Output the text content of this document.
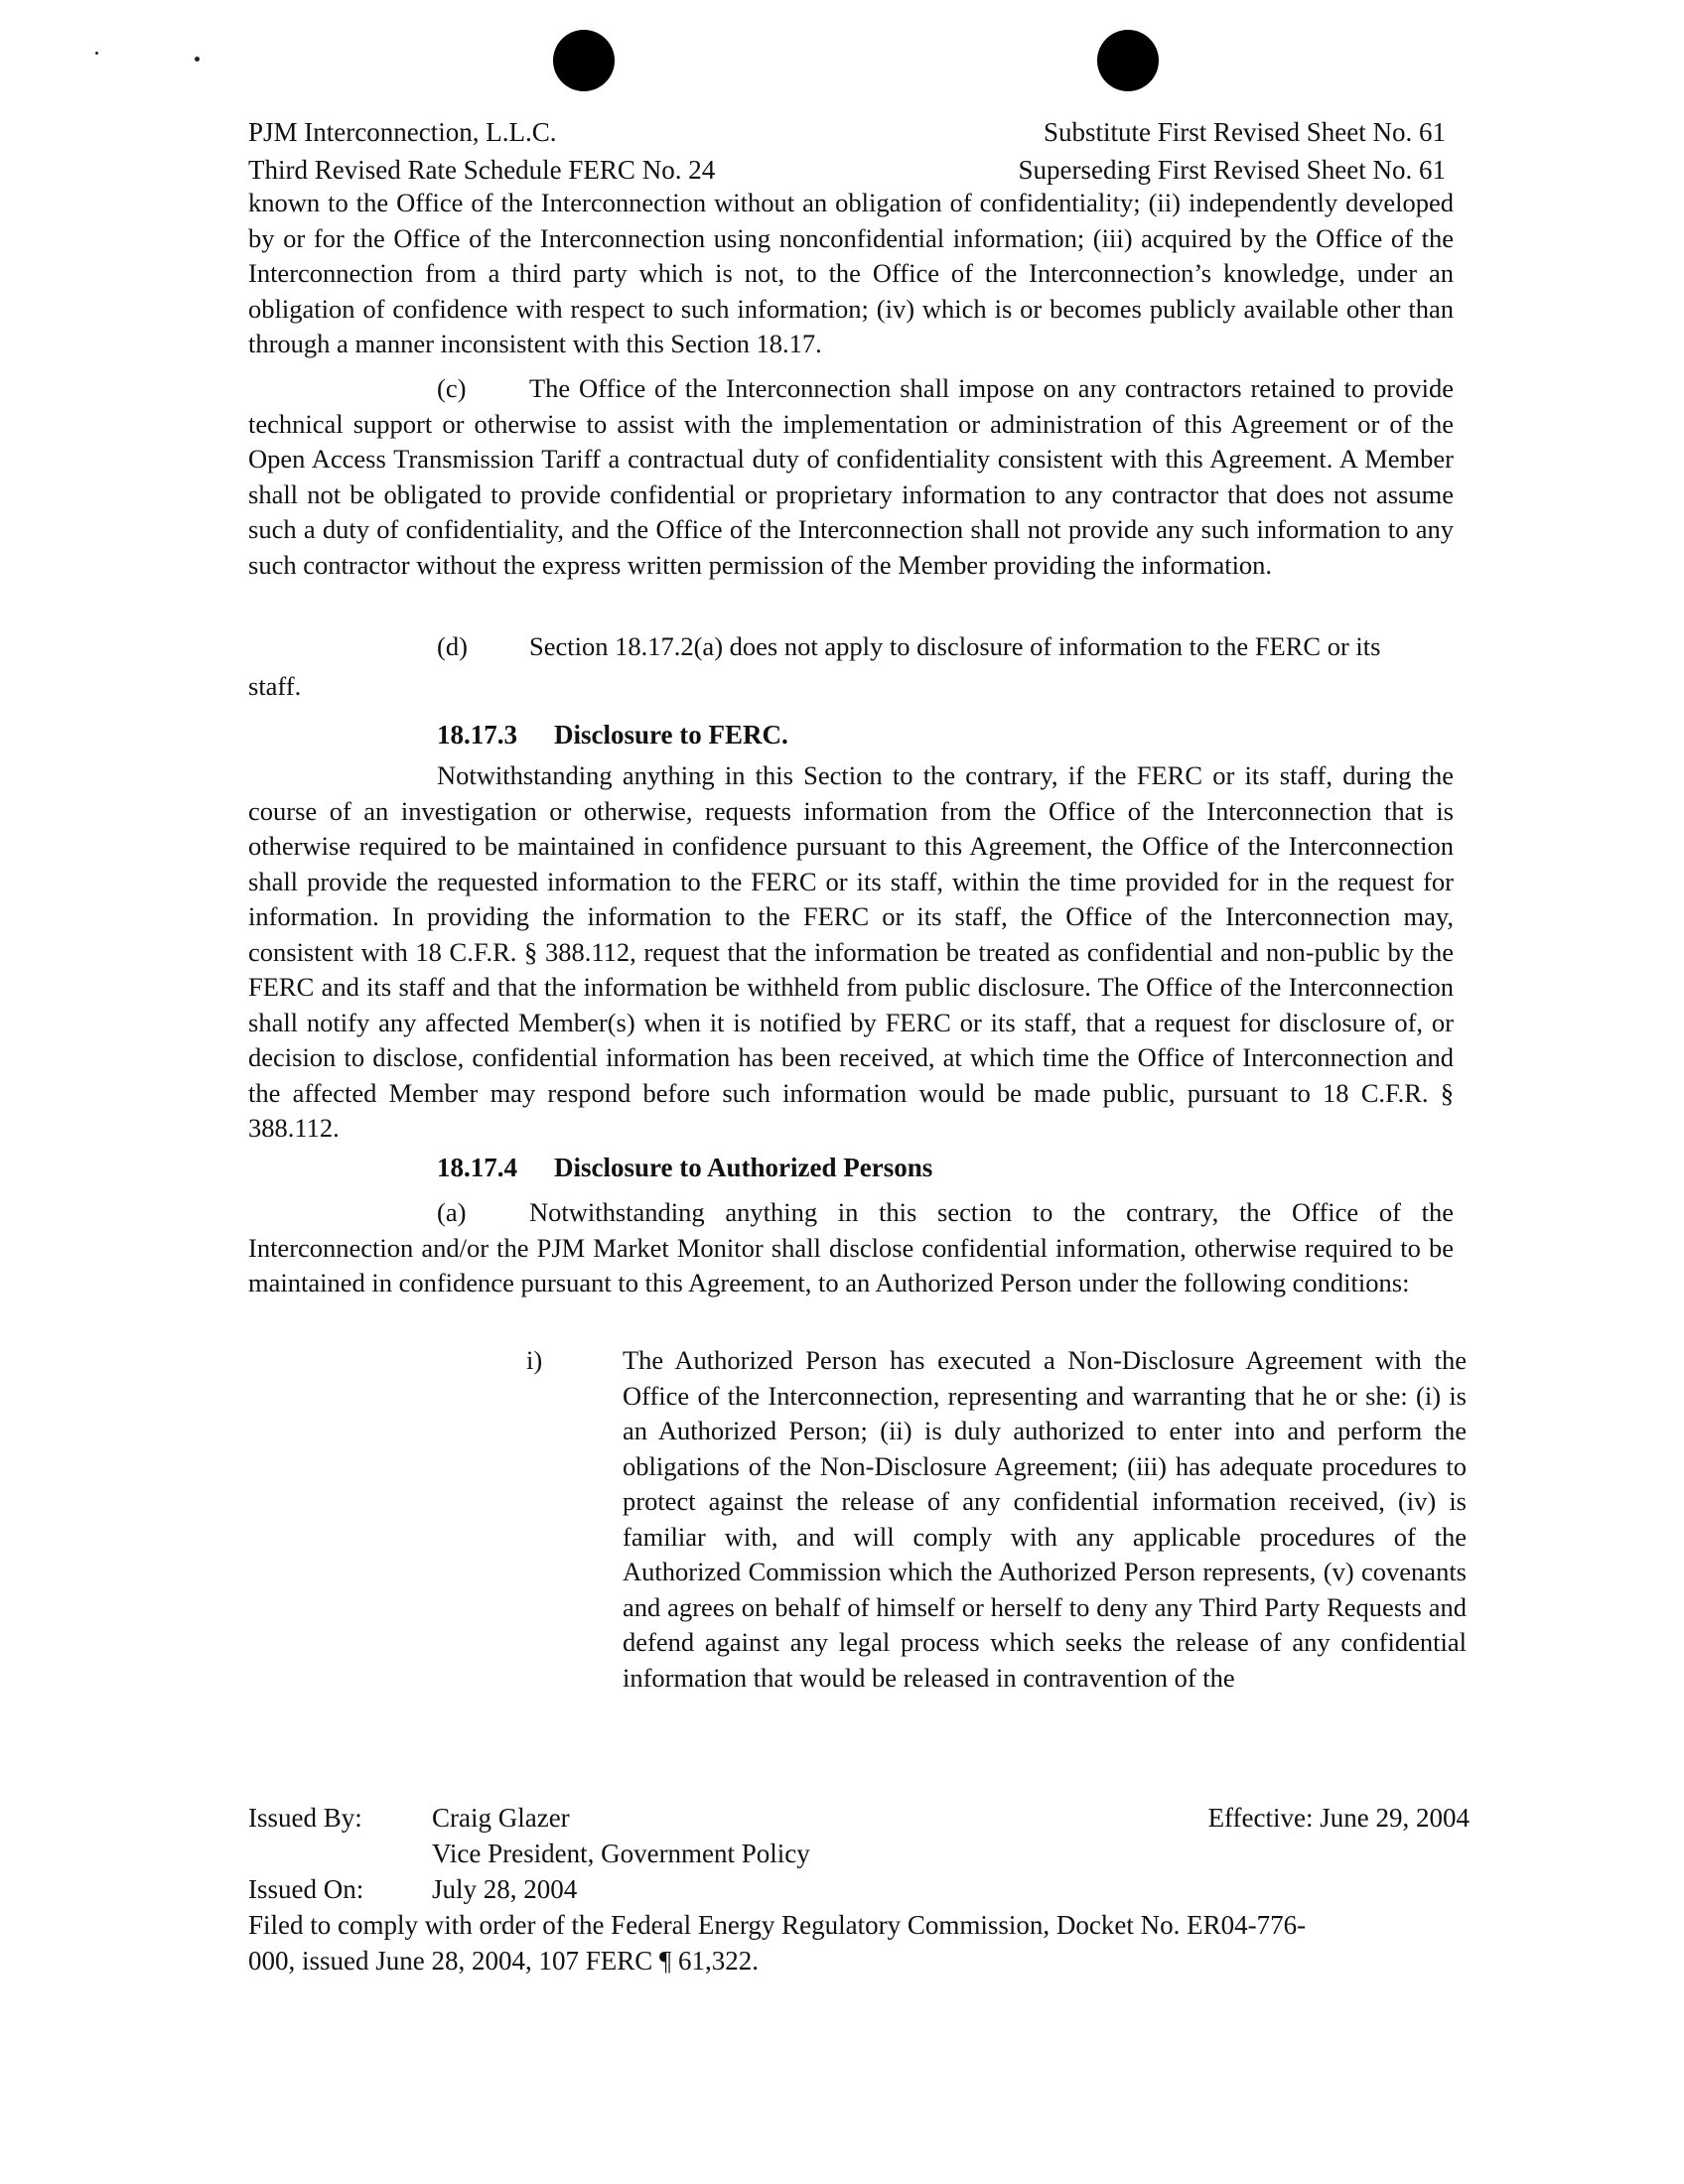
PJM Interconnection, L.L.C.	Substitute First Revised Sheet No. 61
Third Revised Rate Schedule FERC No. 24	Superseding First Revised Sheet No. 61

known to the Office of the Interconnection without an obligation of confidentiality; (ii) independently developed by or for the Office of the Interconnection using nonconfidential information; (iii) acquired by the Office of the Interconnection from a third party which is not, to the Office of the Interconnection’s knowledge, under an obligation of confidence with respect to such information; (iv) which is or becomes publicly available other than through a manner inconsistent with this Section 18.17.

(c) The Office of the Interconnection shall impose on any contractors retained to provide technical support or otherwise to assist with the implementation or administration of this Agreement or of the Open Access Transmission Tariff a contractual duty of confidentiality consistent with this Agreement. A Member shall not be obligated to provide confidential or proprietary information to any contractor that does not assume such a duty of confidentiality, and the Office of the Interconnection shall not provide any such information to any such contractor without the express written permission of the Member providing the information.

(d) Section 18.17.2(a) does not apply to disclosure of information to the FERC or its

staff.
18.17.3 Disclosure to FERC.

Notwithstanding anything in this Section to the contrary, if the FERC or its staff, during the course of an investigation or otherwise, requests information from the Office of the Interconnection that is otherwise required to be maintained in confidence pursuant to this Agreement, the Office of the Interconnection shall provide the requested information to the FERC or its staff, within the time provided for in the request for information. In providing the information to the FERC or its staff, the Office of the Interconnection may, consistent with 18 C.F.R. § 388.112, request that the information be treated as confidential and non-public by the FERC and its staff and that the information be withheld from public disclosure. The Office of the Interconnection shall notify any affected Member(s) when it is notified by FERC or its staff, that a request for disclosure of, or decision to disclose, confidential information has been received, at which time the Office of Interconnection and the affected Member may respond before such information would be made public, pursuant to 18 C.F.R. § 388.112.

18.17.4 Disclosure to Authorized Persons

(a) Notwithstanding anything in this section to the contrary, the Office of the Interconnection and/or the PJM Market Monitor shall disclose confidential information, otherwise required to be maintained in confidence pursuant to this Agreement, to an Authorized Person under the following conditions:

i)	The Authorized Person has executed a Non-Disclosure Agreement with the Office of the Interconnection, representing and warranting that he or she: (i) is an Authorized Person; (ii) is duly authorized to enter into and perform the obligations of the Non-Disclosure Agreement; (iii) has adequate procedures to protect against the release of any confidential information received, (iv) is familiar with, and will comply with any applicable procedures of the Authorized Commission which the Authorized Person represents, (v) covenants and agrees on behalf of himself or herself to deny any Third Party Requests and defend against any legal process which seeks the release of any confidential information that would be released in contravention of the
Issued By:	Craig Glazer	Effective: June 29, 2004
Vice President, Government Policy
Issued On:	July 28, 2004
Filed to comply with order of the Federal Energy Regulatory Commission, Docket No. ER04-776-
000, issued June 28, 2004, 107 FERC ¶ 61,322.
